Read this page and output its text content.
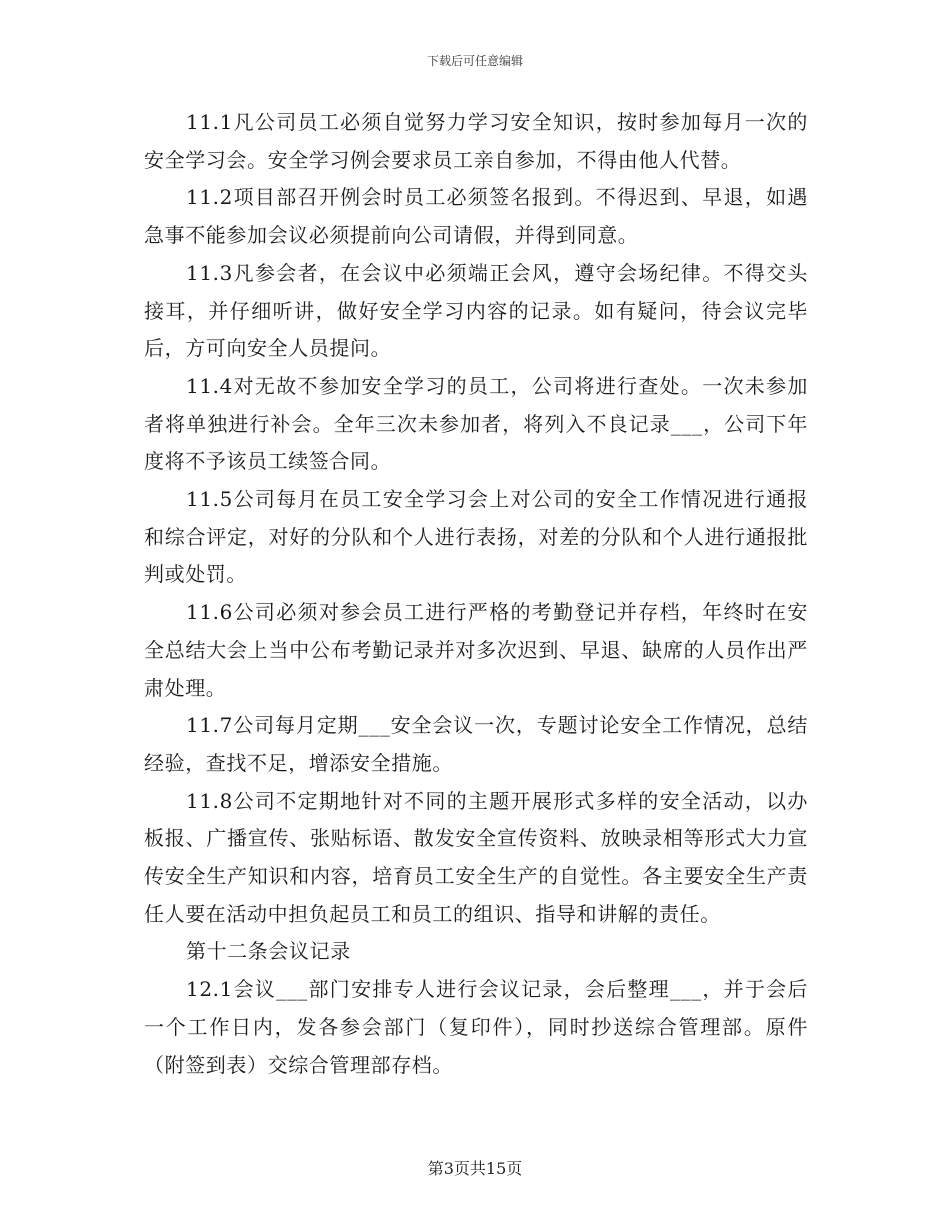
下载后可任意编辑

11.1凡公司员工必须自觉努力学习安全知识，按时参加每月一次的安全学习会。安全学习例会要求员工亲自参加，不得由他人代替。

11.2项目部召开例会时员工必须签名报到。不得迟到、早退，如遇急事不能参加会议必须提前向公司请假，并得到同意。

11.3凡参会者，在会议中必须端正会风，遵守会场纪律。不得交头接耳，并仔细听讲，做好安全学习内容的记录。如有疑问，待会议完毕后，方可向安全人员提问。

11.4对无故不参加安全学习的员工，公司将进行查处。一次未参加者将单独进行补会。全年三次未参加者，将列入不良记录___，公司下年度将不予该员工续签合同。

11.5公司每月在员工安全学习会上对公司的安全工作情况进行通报和综合评定，对好的分队和个人进行表扬，对差的分队和个人进行通报批判或处罚。

11.6公司必须对参会员工进行严格的考勤登记并存档，年终时在安全总结大会上当中公布考勤记录并对多次迟到、早退、缺席的人员作出严肃处理。

11.7公司每月定期___安全会议一次，专题讨论安全工作情况，总结经验，查找不足，增添安全措施。

11.8公司不定期地针对不同的主题开展形式多样的安全活动，以办板报、广播宣传、张贴标语、散发安全宣传资料、放映录相等形式大力宣传安全生产知识和内容，培育员工安全生产的自觉性。各主要安全生产责任人要在活动中担负起员工和员工的组识、指导和讲解的责任。

第十二条会议记录

12.1会议___部门安排专人进行会议记录，会后整理___，并于会后一个工作日内，发各参会部门（复印件），同时抄送综合管理部。原件（附签到表）交综合管理部存档。

第3页共15页
